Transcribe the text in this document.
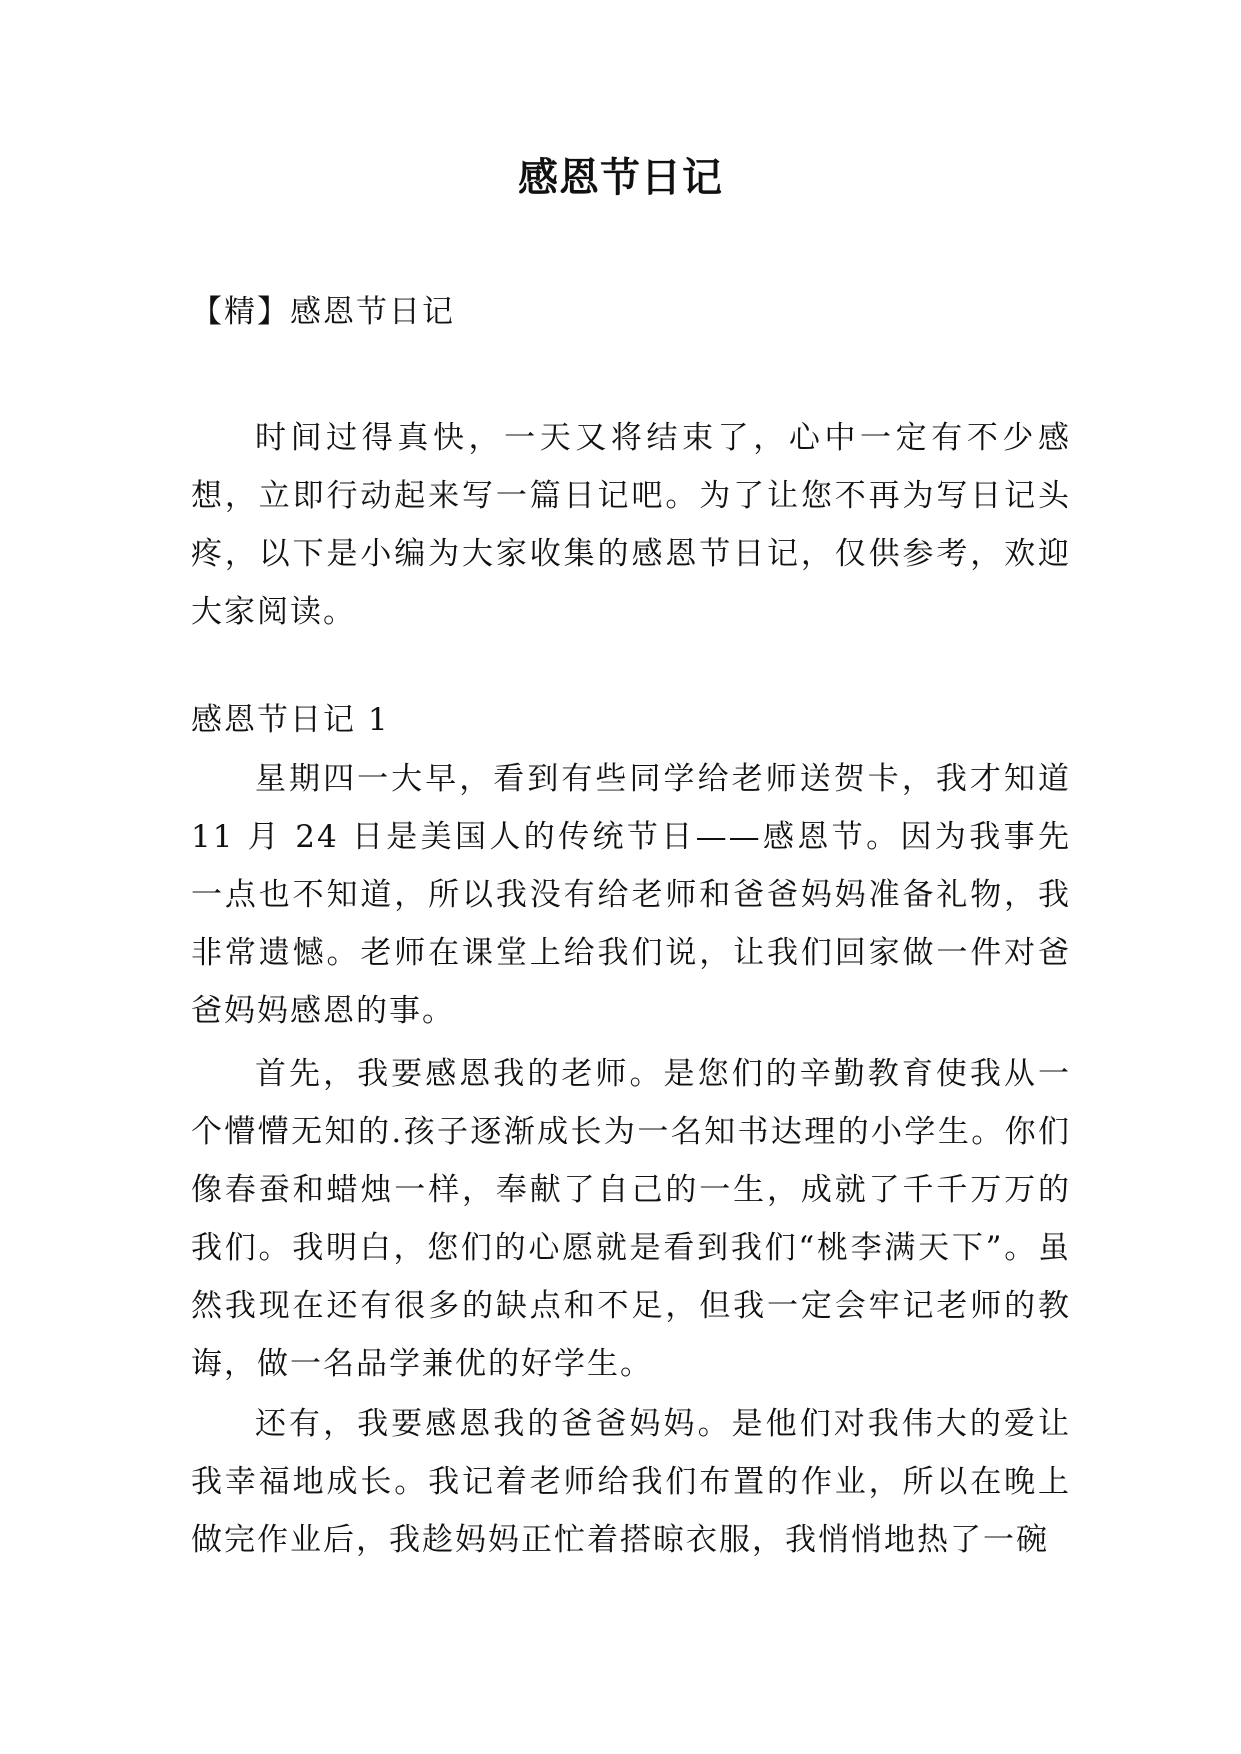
感恩节日记
【精】感恩节日记
时间过得真快，一天又将结束了，心中一定有不少感想，立即行动起来写一篇日记吧。为了让您不再为写日记头疼，以下是小编为大家收集的感恩节日记，仅供参考，欢迎大家阅读。
感恩节日记 1
星期四一大早，看到有些同学给老师送贺卡，我才知道 11 月 24 日是美国人的传统节日——感恩节。因为我事先一点也不知道，所以我没有给老师和爸爸妈妈准备礼物，我非常遗憾。老师在课堂上给我们说，让我们回家做一件对爸爸妈妈感恩的事。
首先，我要感恩我的老师。是您们的辛勤教育使我从一个懵懵无知的.孩子逐渐成长为一名知书达理的小学生。你们像春蚕和蜡烛一样，奉献了自己的一生，成就了千千万万的我们。我明白，您们的心愿就是看到我们“桃李满天下”。虽然我现在还有很多的缺点和不足，但我一定会牢记老师的教诲，做一名品学兼优的好学生。
还有，我要感恩我的爸爸妈妈。是他们对我伟大的爱让我幸福地成长。我记着老师给我们布置的作业，所以在晚上做完作业后，我趁妈妈正忙着搭晾衣服，我悄悄地热了一碗
